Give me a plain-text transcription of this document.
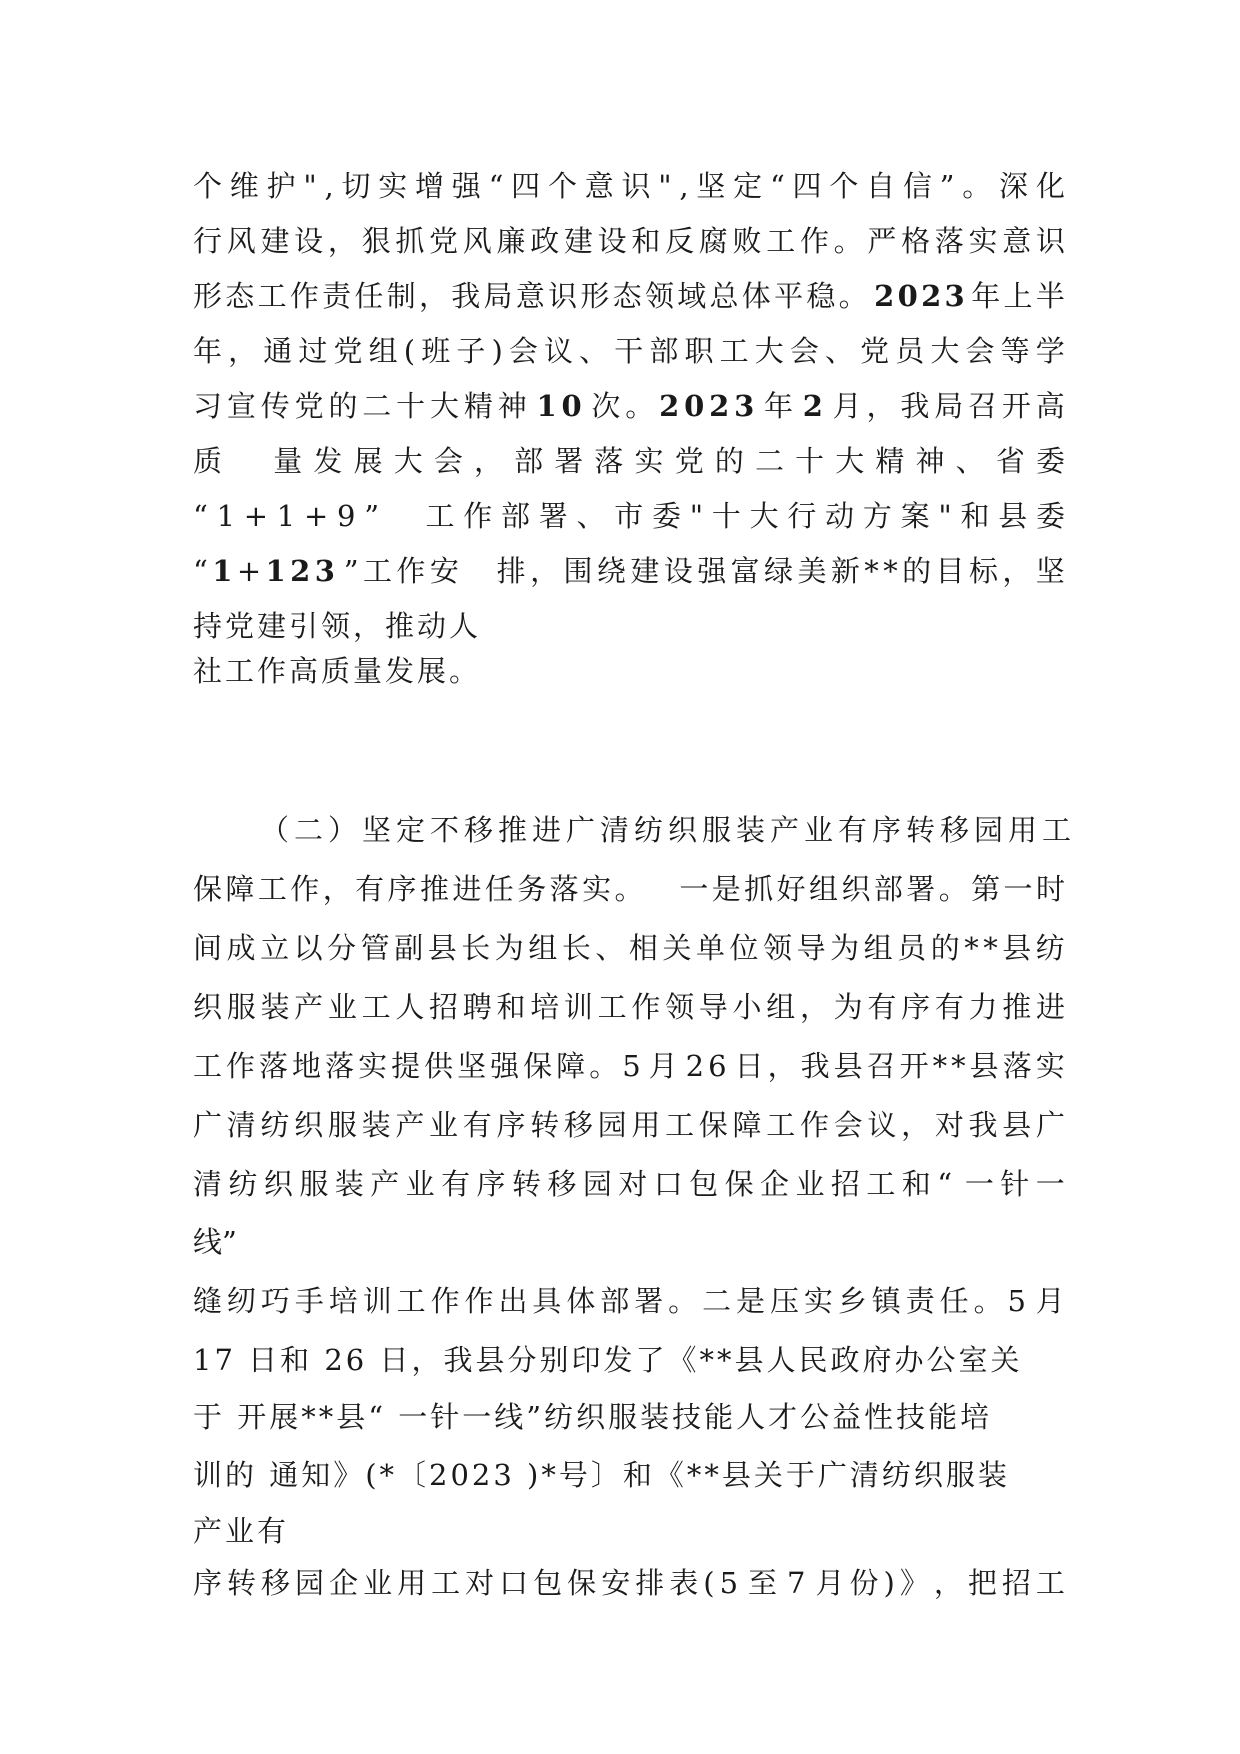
个 维 护 " , 切 实 增 强 “ 四 个 意 识 " , 坚 定 “ 四 个 自 信 ” 。 深 化
行 风 建 设 ， 狠 抓 党 风 廉 政 建 设 和 反 腐 败 工 作 。 严 格 落 实 意 识
形 态 工 作 责 任 制 ， 我 局 意 识 形 态 领 域 总 体 平 稳 。 2 0 2 3 年 上 半
年 ， 通 过 党 组 ( 班 子 ) 会 议 、 干 部 职 工 大 会 、 党 员 大 会 等 学
习 宣 传 党 的 二 十 大 精 神 1 0 次 。 2 0 2 3 年 2 月 ， 我 局 召 开 高
质
　 量 发 展 大 会 ， 部 署 落 实 党 的 二 十 大 精 神 、 省 委
“ 1 + 1 + 9 ”
　 工 作 部 署 、 市 委 " 十 大 行 动 方 案 " 和 县 委
“ 1 + 1 2 3 ” 工 作 安
　 排 ， 围 绕 建 设 强 富 绿 美 新 * * 的 目 标 ， 坚
持党建引领，推动人
社工作高质量发展。
（二）坚定不移推进广清纺织服装产业有序转移园用工
保 障 工 作 ， 有 序 推 进 任 务 落 实 。
　 一 是 抓 好 组 织 部 署 。 第 一 时
间 成 立 以 分 管 副 县 长 为 组 长 、 相 关 单 位 领 导 为 组 员 的 * * 县 纺
织 服 装 产 业 工 人 招 聘 和 培 训 工 作 领 导 小 组 ， 为 有 序 有 力 推 进
工 作 落 地 落 实 提 供 坚 强 保 障 。 5 月 2 6 日 ， 我 县 召 开 * * 县 落 实
广 清 纺 织 服 装 产 业 有 序 转 移 园 用 工 保 障 工 作 会 议 ， 对 我 县 广
清 纺 织 服 装 产 业 有 序 转 移 园 对 口 包 保 企 业 招 工 和 “ 一 针 一
线”
缝 纫 巧 手 培 训 工 作 作 出 具 体 部 署 。 二 是 压 实 乡 镇 责 任 。 5 月
17 日和 26 日，我县分别印发了《**县人民政府办公室关
于 开展**县“ 一针一线”纺织服装技能人才公益性技能培
训的 通知》(*〔2023 )*号〕和《**县关于广清纺织服装
产业有
序 转 移 园 企 业 用 工 对 口 包 保 安 排 表 ( 5 至 7 月 份 ) 》 ， 把 招 工
